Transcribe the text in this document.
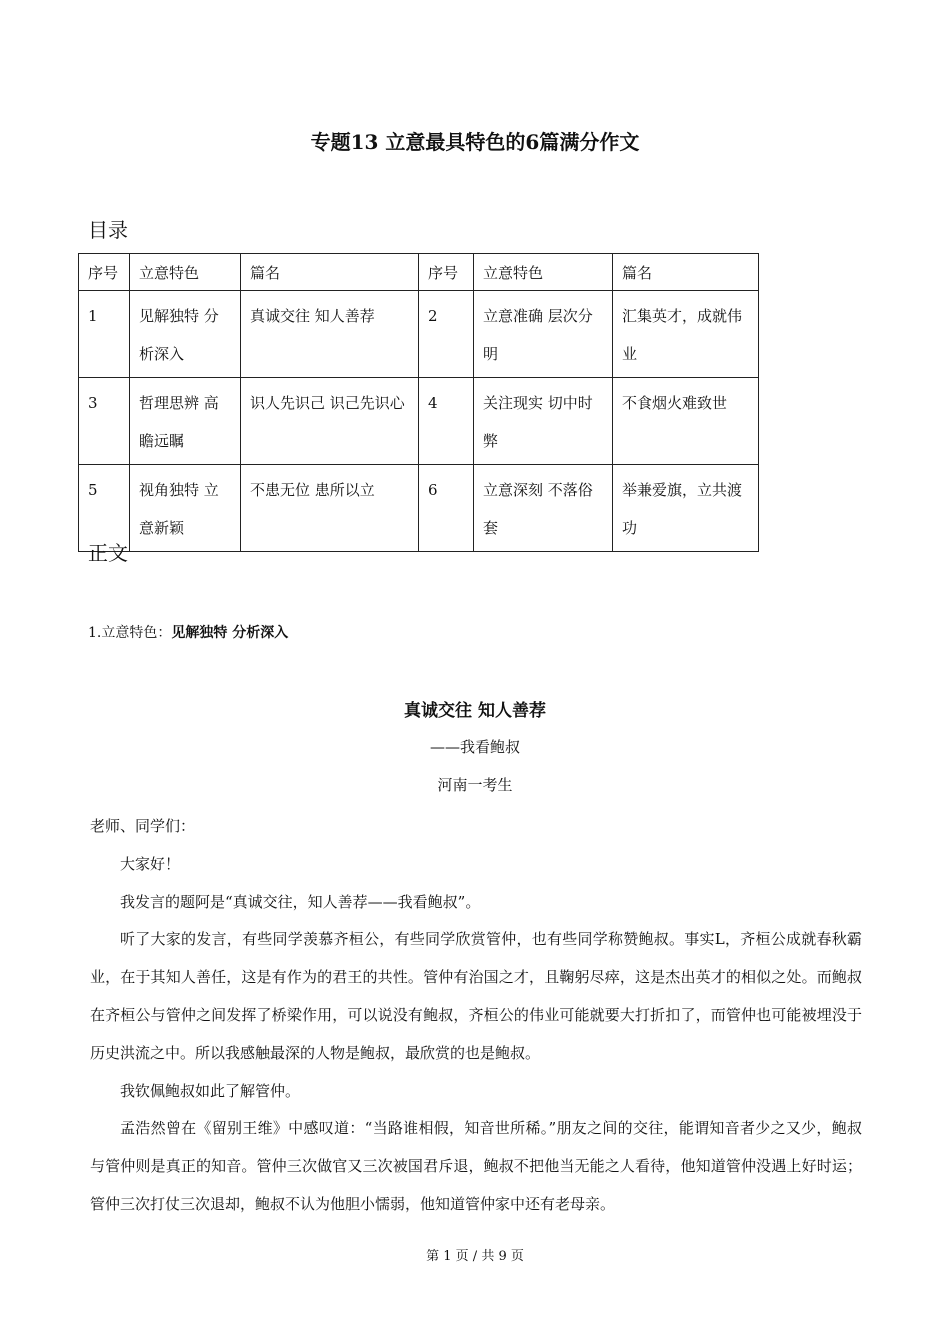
专题13 立意最具特色的6篇满分作文
目录
序号	立意特色	篇名	序号	立意特色	篇名
1	见解独特 分析深入	真诚交往 知人善荐	2	立意准确 层次分明	汇集英才，成就伟业
3	哲理思辨 高瞻远瞩	识人先识己 识己先识心	4	关注现实 切中时弊	不食烟火难致世
5	视角独特 立意新颖	不患无位 患所以立	6	立意深刻 不落俗套	举兼爱旗，立共渡功
正文
1.立意特色：见解独特 分析深入
真诚交往 知人善荐
——我看鲍叔
河南一考生

老师、同学们：

大家好！

我发言的题阿是“真诚交往，知人善荐——我看鲍叔”。

听了大家的发言，有些同学羡慕齐桓公，有些同学欣赏管仲，也有些同学称赞鲍叔。事实L，齐桓公成就春秋霸业，在于其知人善任，这是有作为的君王的共性。管仲有治国之才，且鞠躬尽瘁，这是杰出英才的相似之处。而鲍叔在齐桓公与管仲之间发挥了桥梁作用，可以说没有鲍叔，齐桓公的伟业可能就要大打折扣了，而管仲也可能被埋没于历史洪流之中。所以我感触最深的人物是鲍叔，最欣赏的也是鲍叔。

我钦佩鲍叔如此了解管仲。

孟浩然曾在《留别王维》中感叹道：“当路谁相假，知音世所稀。”朋友之间的交往，能谓知音者少之又少，鲍叔与管仲则是真正的知音。管仲三次做官又三次被国君斥退，鲍叔不把他当无能之人看待，他知道管仲没遇上好时运；管仲三次打仗三次退却，鲍叔不认为他胆小懦弱，他知道管仲家中还有老母亲。

第 1 页 / 共 9 页
